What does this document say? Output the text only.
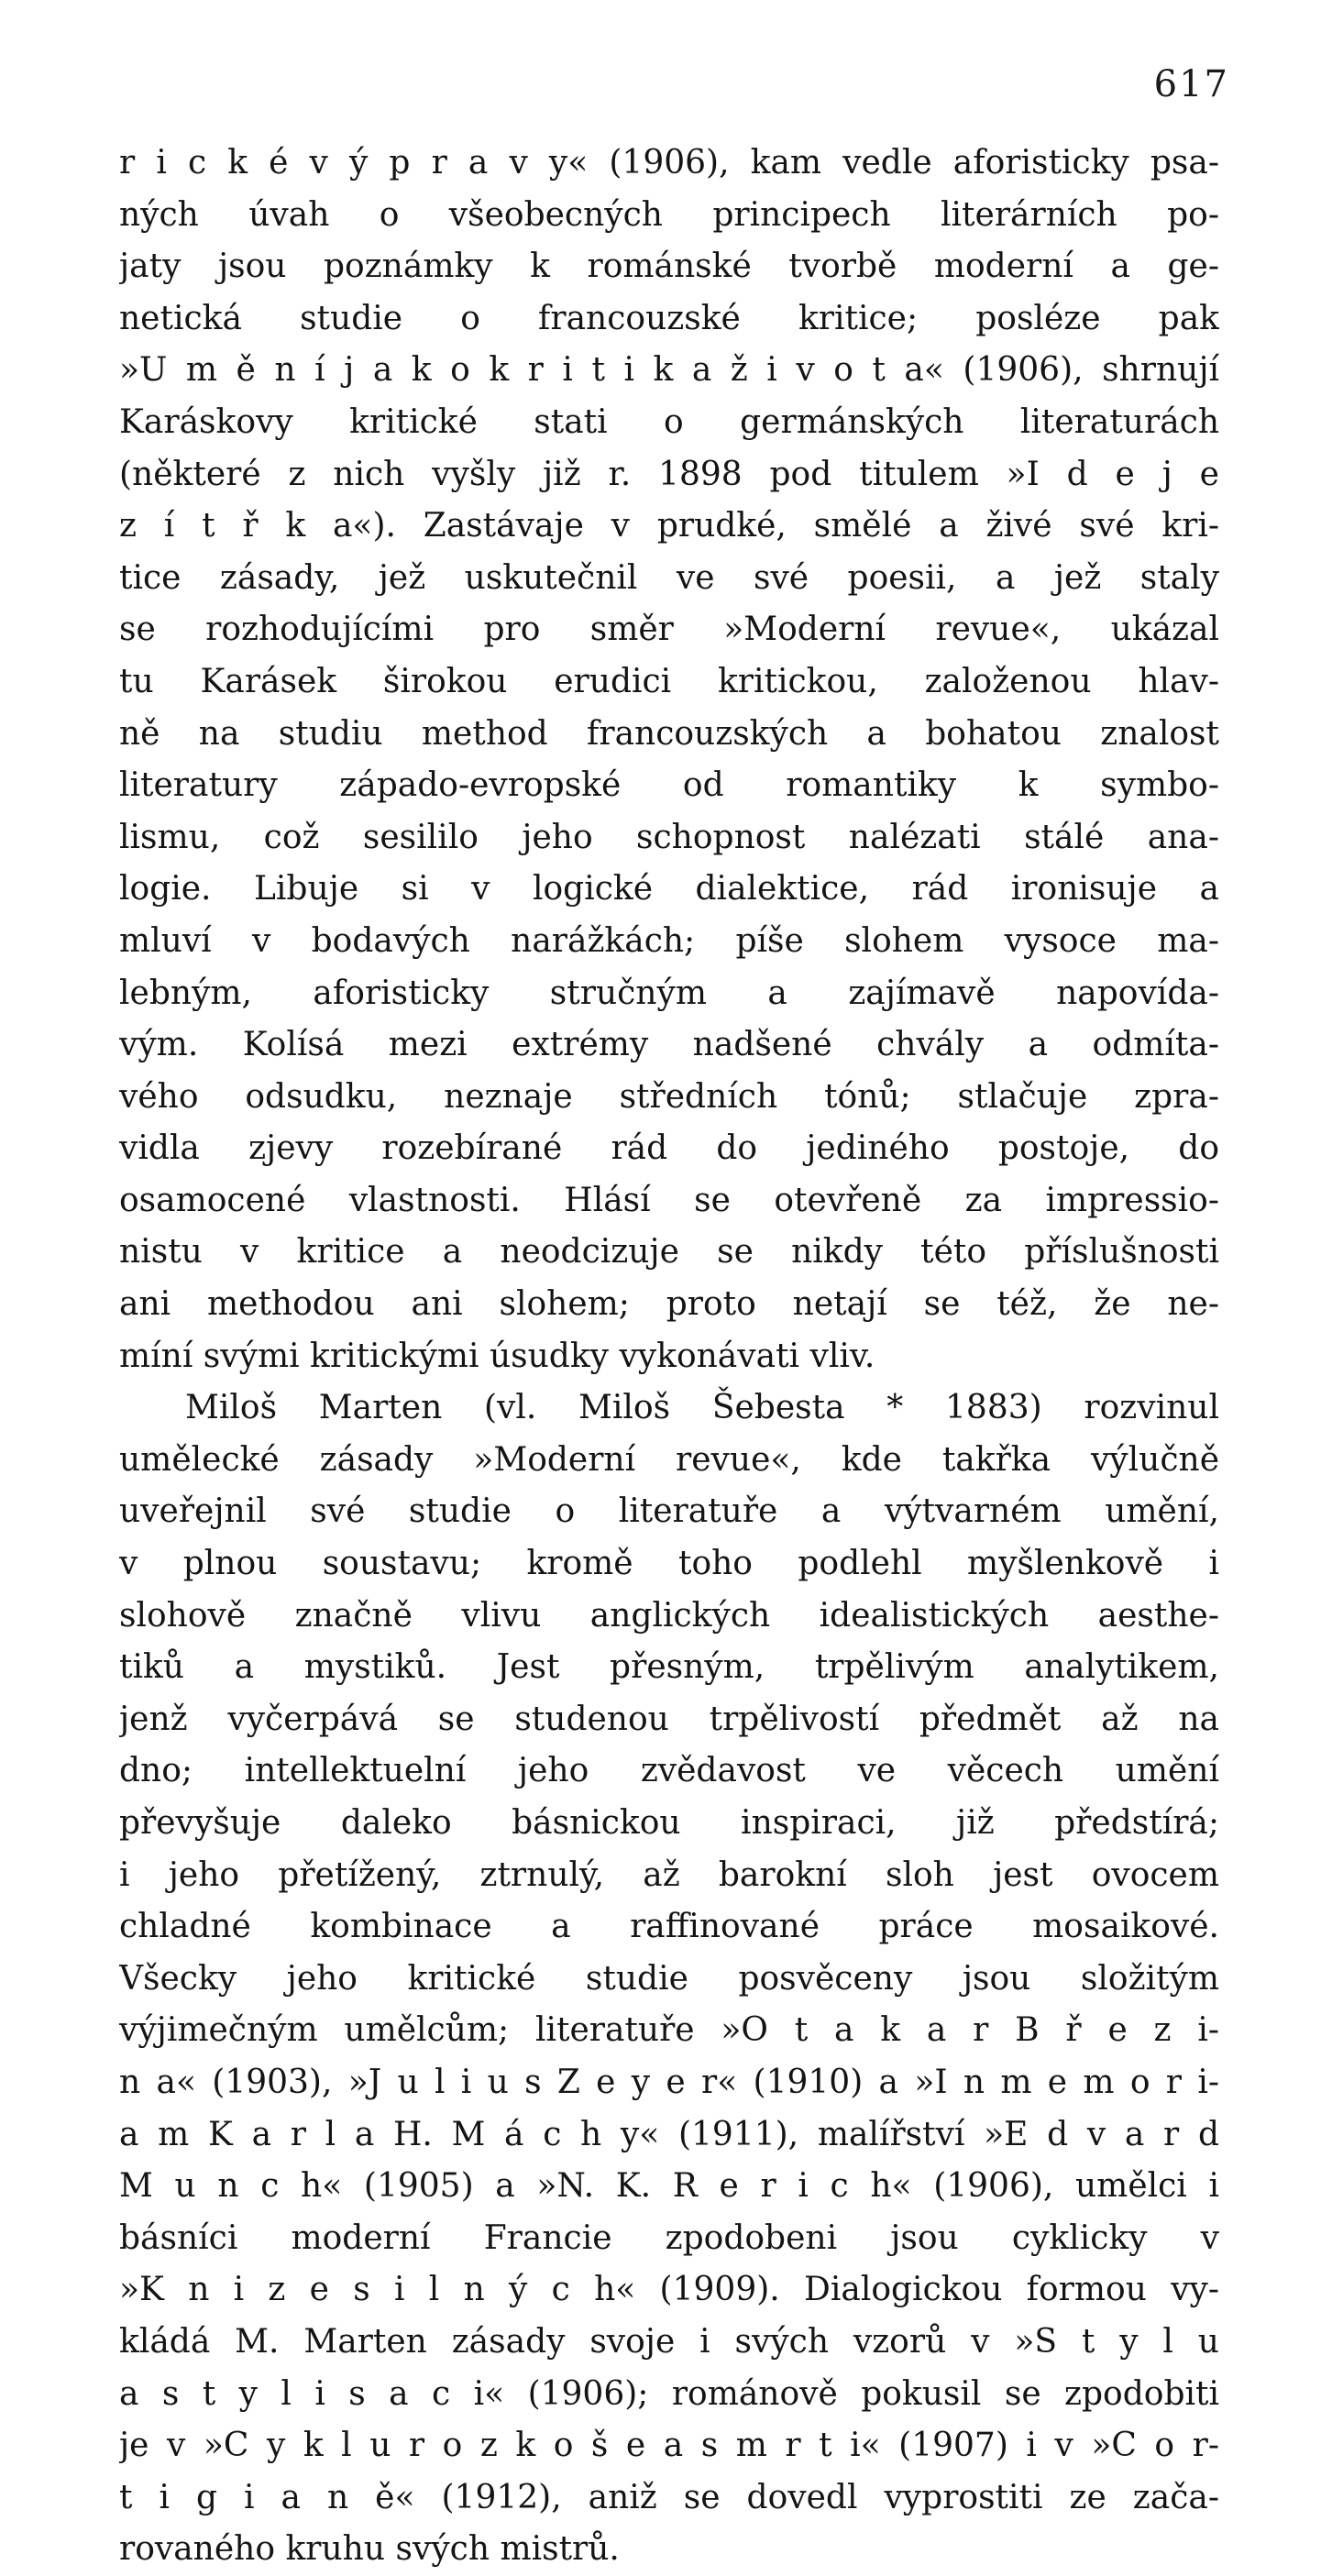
617
r i c k é v ý p r a v y« (1906), kam vedle aforisticky psa-
ných úvah o všeobecných principech literárních po-
jaty jsou poznámky k románské tvorbě moderní a ge-
netická studie o francouzské kritice; posléze pak
»U m ě n í j a k o k r i t i k a ž i v o t a« (1906), shrnují
Karáskovy kritické stati o germánských literaturách
(některé z nich vyšly již r. 1898 pod titulem »I d e j e
z í t ř k a«). Zastávaje v prudké, smělé a živé své kri-
tice zásady, jež uskutečnil ve své poesii, a jež staly
se rozhodujícími pro směr »Moderní revue«, ukázal
tu Karásek širokou erudici kritickou, založenou hlav-
ně na studiu method francouzských a bohatou znalost
literatury západo-evropské od romantiky k symbo-
lismu, což sesililo jeho schopnost nalézati stálé ana-
logie. Libuje si v logické dialektice, rád ironisuje a
mluví v bodavých narážkách; píše slohem vysoce ma-
lebným, aforisticky stručným a zajímavě napovída-
vým. Kolísá mezi extrémy nadšené chvály a odmíta-
vého odsudku, neznaje středních tónů; stlačuje zpra-
vidla zjevy rozebírané rád do jediného postoje, do
osamocené vlastnosti. Hlásí se otevřeně za impressio-
nistu v kritice a neodcizuje se nikdy této příslušnosti
ani methodou ani slohem; proto netají se též, že ne-
míní svými kritickými úsudky vykonávati vliv.
Miloš Marten (vl. Miloš Šebesta * 1883) rozvinul
umělecké zásady »Moderní revue«, kde takřka výlučně
uveřejnil své studie o literatuře a výtvarném umění,
v plnou soustavu; kromě toho podlehl myšlenkově i
slohově značně vlivu anglických idealistických aesthe-
tiků a mystiků. Jest přesným, trpělivým analytikem,
jenž vyčerpává se studenou trpělivostí předmět až na
dno; intellektuelní jeho zvědavost ve věcech umění
převyšuje daleko básnickou inspiraci, již předstírá;
i jeho přetížený, ztrnulý, až barokní sloh jest ovocem
chladné kombinace a raffinované práce mosaikové.
Všecky jeho kritické studie posvěceny jsou složitým
výjimečným umělcům; literatuře »O t a k a r B ř e z i-
n a« (1903), »J u l i u s Z e y e r« (1910) a »I n m e m o r i-
a m K a r l a H. M á c h y« (1911), malířství »E d v a r d
M u n c h« (1905) a »N. K. R e r i c h« (1906), umělci i
básníci moderní Francie zpodobeni jsou cyklicky v
»K n i z e s i l n ý c h« (1909). Dialogickou formou vy-
kládá M. Marten zásady svoje i svých vzorů v »S t y l u
a s t y l i s a c i« (1906); románově pokusil se zpodobiti
je v »C y k l u r o z k o š e a s m r t i« (1907) i v »C o r-
t i g i a n ě« (1912), aniž se dovedl vyprostiti ze zača-
rovaného kruhu svých mistrů.
